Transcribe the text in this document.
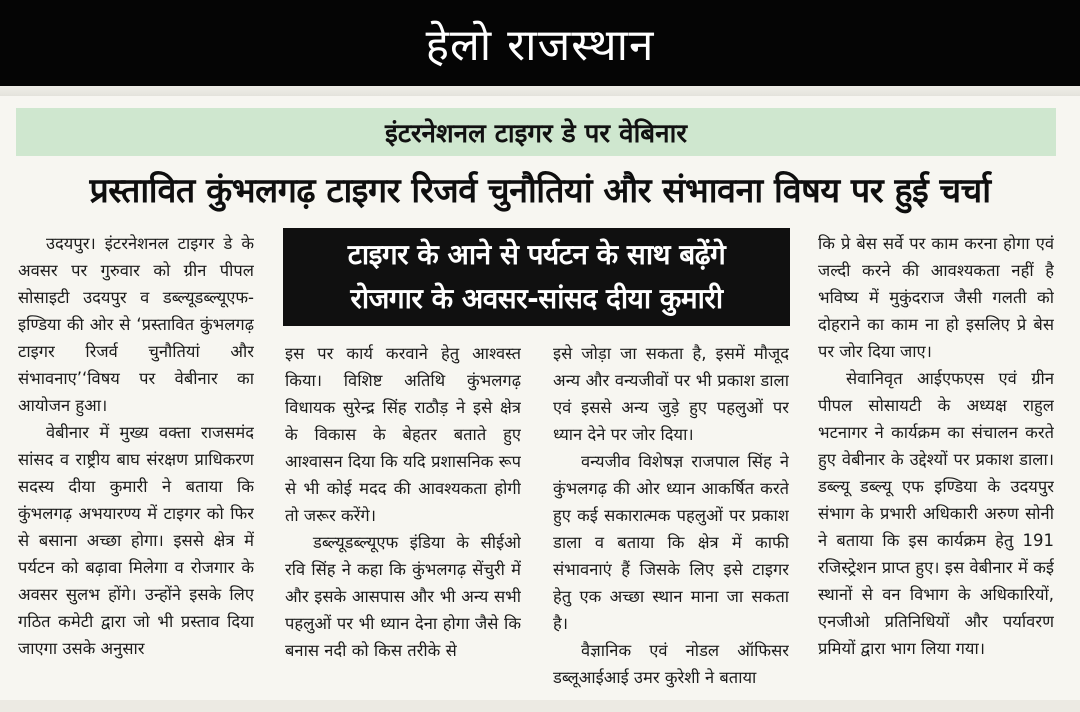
हेलो राजस्थान
इंटरनेशनल टाइगर डे पर वेबिनार
प्रस्तावित कुंभलगढ़ टाइगर रिजर्व चुनौतियां और संभावना विषय पर हुई चर्चा
टाइगर के आने से पर्यटन के साथ बढ़ेंगे
रोजगार के अवसर-सांसद दीया कुमारी

उदयपुर। इंटरनेशनल टाइगर डे के अवसर पर गुरुवार को ग्रीन पीपल सोसाइटी उदयपुर व डब्ल्यूडब्ल्यूएफ-इण्डिया की ओर से ‘प्रस्तावित कुंभलगढ़ टाइगर रिजर्व चुनौतियां और संभावनाए’‘विषय पर वेबीनार का आयोजन हुआ।

वेबीनार में मुख्य वक्ता राजसमंद सांसद व राष्ट्रीय बाघ संरक्षण प्राधिकरण सदस्य दीया कुमारी ने बताया कि कुंभलगढ़ अभयारण्य में टाइगर को फिर से बसाना अच्छा होगा। इससे क्षेत्र में पर्यटन को बढ़ावा मिलेगा व रोजगार के अवसर सुलभ होंगे। उन्होंने इसके लिए गठित कमेटी द्वारा जो भी प्रस्ताव दिया जाएगा उसके अनुसार

इस पर कार्य करवाने हेतु आश्वस्त किया। विशिष्ट अतिथि कुंभलगढ़ विधायक सुरेन्द्र सिंह राठौड़ ने इसे क्षेत्र के विकास के बेहतर बताते हुए आश्वासन दिया कि यदि प्रशासनिक रूप से भी कोई मदद की आवश्यकता होगी तो जरूर करेंगे।

डब्ल्यूडब्ल्यूएफ इंडिया के सीईओ रवि सिंह ने कहा कि कुंभलगढ़ सेंचुरी में और इसके आसपास और भी अन्य सभी पहलुओं पर भी ध्यान देना होगा जैसे कि बनास नदी को किस तरीके से

इसे जोड़ा जा सकता है, इसमें मौजूद अन्य और वन्यजीवों पर भी प्रकाश डाला एवं इससे अन्य जुड़े हुए पहलुओं पर ध्यान देने पर जोर दिया।

वन्यजीव विशेषज्ञ राजपाल सिंह ने कुंभलगढ़ की ओर ध्यान आकर्षित करते हुए कई सकारात्मक पहलुओं पर प्रकाश डाला व बताया कि क्षेत्र में काफी संभावनाएं हैं जिसके लिए इसे टाइगर हेतु एक अच्छा स्थान माना जा सकता है।

वैज्ञानिक एवं नोडल ऑफिसर डब्लूआईआई उमर कुरेशी ने बताया

कि प्रे बेस सर्वे पर काम करना होगा एवं जल्दी करने की आवश्यकता नहीं है भविष्य में मुकुंदराज जैसी गलती को दोहराने का काम ना हो इसलिए प्रे बेस पर जोर दिया जाए।

सेवानिवृत आईएफएस एवं ग्रीन पीपल सोसायटी के अध्यक्ष राहुल भटनागर ने कार्यक्रम का संचालन करते हुए वेबीनार के उद्देश्यों पर प्रकाश डाला। डब्ल्यू डब्ल्यू एफ इण्डिया के उदयपुर संभाग के प्रभारी अधिकारी अरुण सोनी ने बताया कि इस कार्यक्रम हेतु 191 रजिस्ट्रेशन प्राप्त हुए। इस वेबीनार में कई स्थानों से वन विभाग के अधिकारियों, एनजीओ प्रतिनिधियों और पर्यावरण प्रमियों द्वारा भाग लिया गया।
